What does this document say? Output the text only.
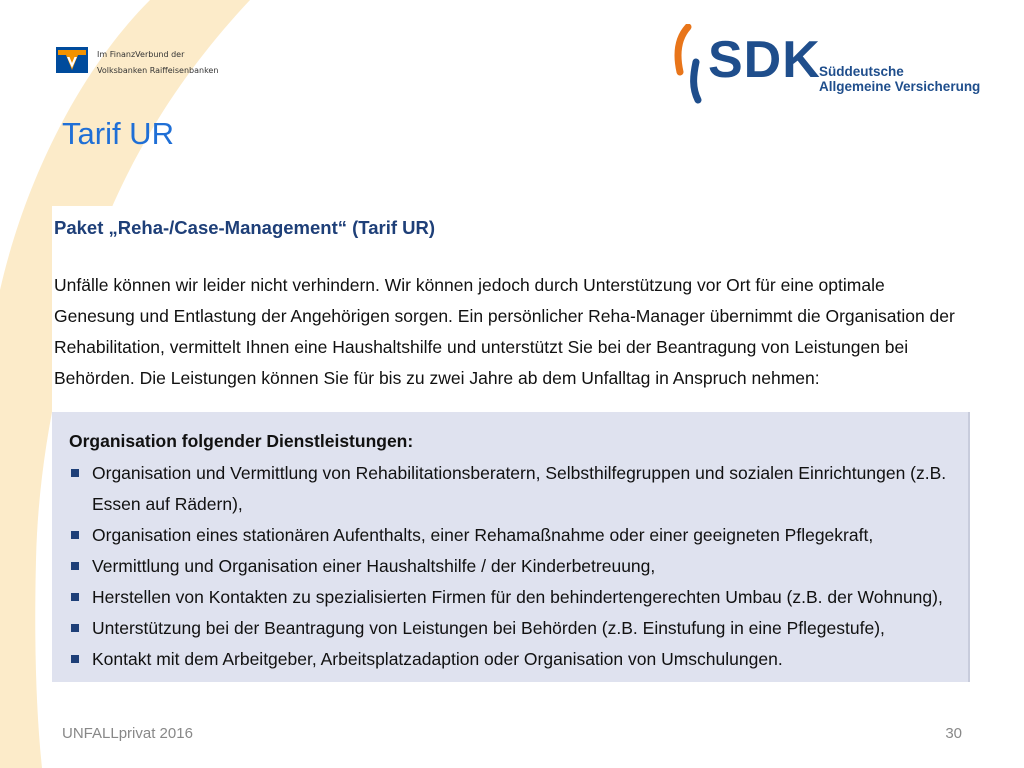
Im FinanzVerbund der
Volksbanken Raiffeisenbanken	SDK
Süddeutsche
Allgemeine Versicherung
Tarif UR
Paket „Reha-/Case-Management“ (Tarif UR)

Unfälle können wir leider nicht verhindern. Wir können jedoch durch Unterstützung vor Ort für eine optimale Genesung und Entlastung der Angehörigen sorgen. Ein persönlicher Reha-Manager übernimmt die Organisation der Rehabilitation, vermittelt Ihnen eine Haushaltshilfe und unterstützt Sie bei der Beantragung von Leistungen bei Behörden. Die Leistungen können Sie für bis zu zwei Jahre ab dem Unfalltag in Anspruch nehmen:

Organisation folgender Dienstleistungen:
Organisation und Vermittlung von Rehabilitationsberatern, Selbsthilfegruppen und sozialen Einrichtungen (z.B. Essen auf Rädern),
Organisation eines stationären Aufenthalts, einer Rehamaßnahme oder einer geeigneten Pflegekraft,
Vermittlung und Organisation einer Haushaltshilfe / der Kinderbetreuung,
Herstellen von Kontakten zu spezialisierten Firmen für den behindertengerechten Umbau (z.B. der Wohnung),
Unterstützung bei der Beantragung von Leistungen bei Behörden (z.B. Einstufung in eine Pflegestufe),
Kontakt mit dem Arbeitgeber, Arbeitsplatzadaption oder Organisation von Umschulungen.
UNFALLprivat 2016	30
